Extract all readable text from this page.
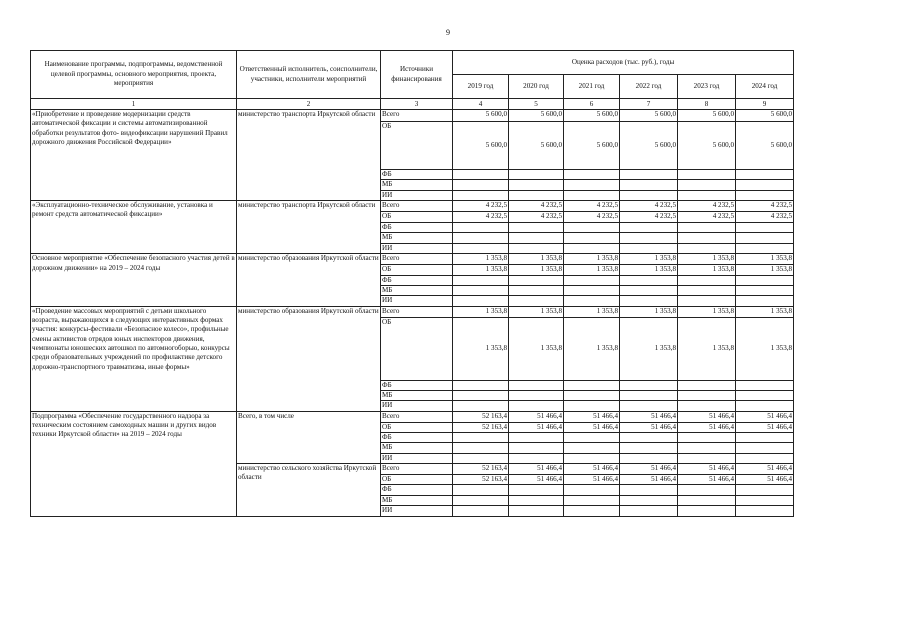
9
Наименование программы, подпрограммы, ведомственной целевой программы, основного мероприятия, проекта, мероприятия	Ответственный исполнитель, соисполнители, участники, исполнители мероприятий	Источники финансирования	Оценка расходов (тыс. руб.), годы					
			2019 год	2020 год	2021 год	2022 год	2023 год	2024 год
1	2	3	4	5	6	7	8	9
«Приобретение и проведение модернизации средств автоматической фиксации и системы автоматизированной обработки результатов фото- видеофиксации нарушений Правил дорожного движения Российской Федерации»	министерство транспорта Иркутской области	Всего	5 600,0	5 600,0	5 600,0	5 600,0	5 600,0	5 600,0
		ОБ	5 600,0	5 600,0	5 600,0	5 600,0	5 600,0	5 600,0
		ФБ						
		МБ						
		ИИ						
«Эксплуатационно-техническое обслуживание, установка и ремонт средств автоматической фиксации»	министерство транспорта Иркутской области	Всего	4 232,5	4 232,5	4 232,5	4 232,5	4 232,5	4 232,5
		ОБ	4 232,5	4 232,5	4 232,5	4 232,5	4 232,5	4 232,5
		ФБ						
		МБ						
		ИИ						
Основное мероприятие «Обеспечение безопасного участия детей в дорожном движении» на 2019 – 2024 годы	министерство образования Иркутской области	Всего	1 353,8	1 353,8	1 353,8	1 353,8	1 353,8	1 353,8
		ОБ	1 353,8	1 353,8	1 353,8	1 353,8	1 353,8	1 353,8
		ФБ						
		МБ						
		ИИ						
«Проведение массовых мероприятий с детьми школьного возраста, выражающихся в следующих интерактивных формах участия: конкурсы-фестивали «Безопасное колесо», профильные смены активистов отрядов юных инспекторов движения, чемпионаты юношеских автошкол по автомногоборью, конкурсы среди образовательных учреждений по профилактике детского дорожно-транспортного травматизма, иные формы»	министерство образования Иркутской области	Всего	1 353,8	1 353,8	1 353,8	1 353,8	1 353,8	1 353,8
		ОБ	1 353,8	1 353,8	1 353,8	1 353,8	1 353,8	1 353,8
		ФБ						
		МБ						
		ИИ						
Подпрограмма «Обеспечение государственного надзора за техническим состоянием самоходных машин и других видов техники Иркутской области» на 2019 – 2024 годы	Всего, в том числе	Всего	52 163,4	51 466,4	51 466,4	51 466,4	51 466,4	51 466,4
		ОБ	52 163,4	51 466,4	51 466,4	51 466,4	51 466,4	51 466,4
		ФБ						
		МБ						
		ИИ						
	министерство сельского хозяйства Иркутской области	Всего	52 163,4	51 466,4	51 466,4	51 466,4	51 466,4	51 466,4
		ОБ	52 163,4	51 466,4	51 466,4	51 466,4	51 466,4	51 466,4
		ФБ						
		МБ						
		ИИ						
